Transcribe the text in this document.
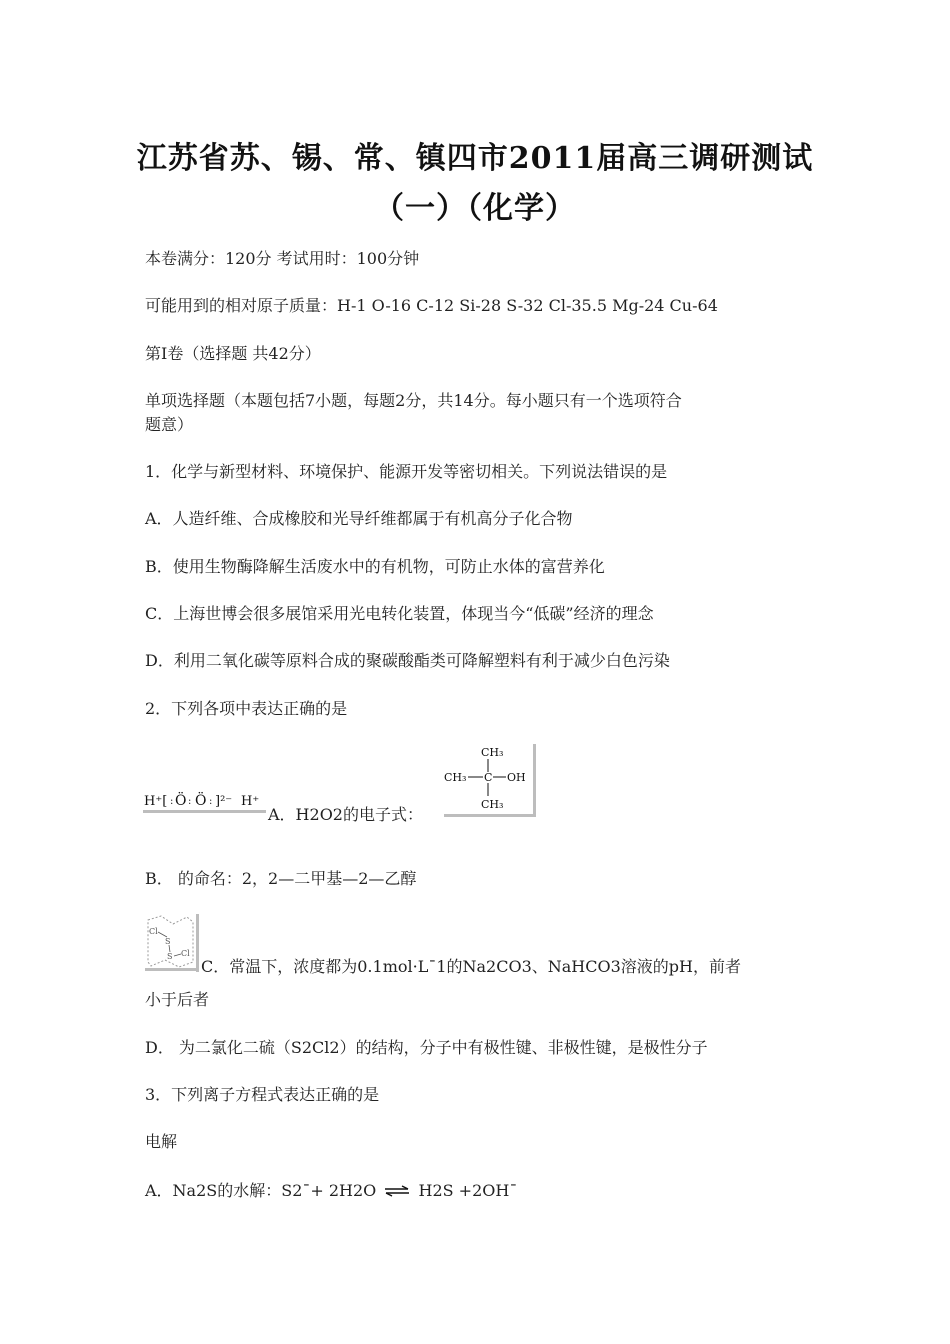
江苏省苏、锡、常、镇四市2011届高三调研测试
（一）（化学）
本卷满分：120分 考试用时：100分钟
可能用到的相对原子质量：H-1 O-16 C-12 Si-28 S-32 Cl-35.5 Mg-24 Cu-64
第Ⅰ卷（选择题 共42分）
单项选择题（本题包括7小题，每题2分，共14分。每小题只有一个选项符合
题意）
1．化学与新型材料、环境保护、能源开发等密切相关。下列说法错误的是
A．人造纤维、合成橡胶和光导纤维都属于有机高分子化合物
B．使用生物酶降解生活废水中的有机物，可防止水体的富营养化
C．上海世博会很多展馆采用光电转化装置，体现当今“低碳”经济的理念
D．利用二氧化碳等原料合成的聚碳酸酯类可降解塑料有利于减少白色污染
2．下列各项中表达正确的是
H⁺[ Ö
: : Ö : ]²⁻ H⁺
A．H2O2的电子式：
CH₃
CH₃ C OH
CH₃
B． 的命名：2，2—二甲基—2—乙醇
Cl
S
S Cl
C．常温下，浓度都为0.1mol·L¯1的Na2CO3、NaHCO3溶液的pH，前者
小于后者
D． 为二氯化二硫（S2Cl2）的结构，分子中有极性键、非极性键，是极性分子
3．下列离子方程式表达正确的是
电解
A．Na2S的水解：S2¯+ 2H2O ⇌ H2S +2OH¯
